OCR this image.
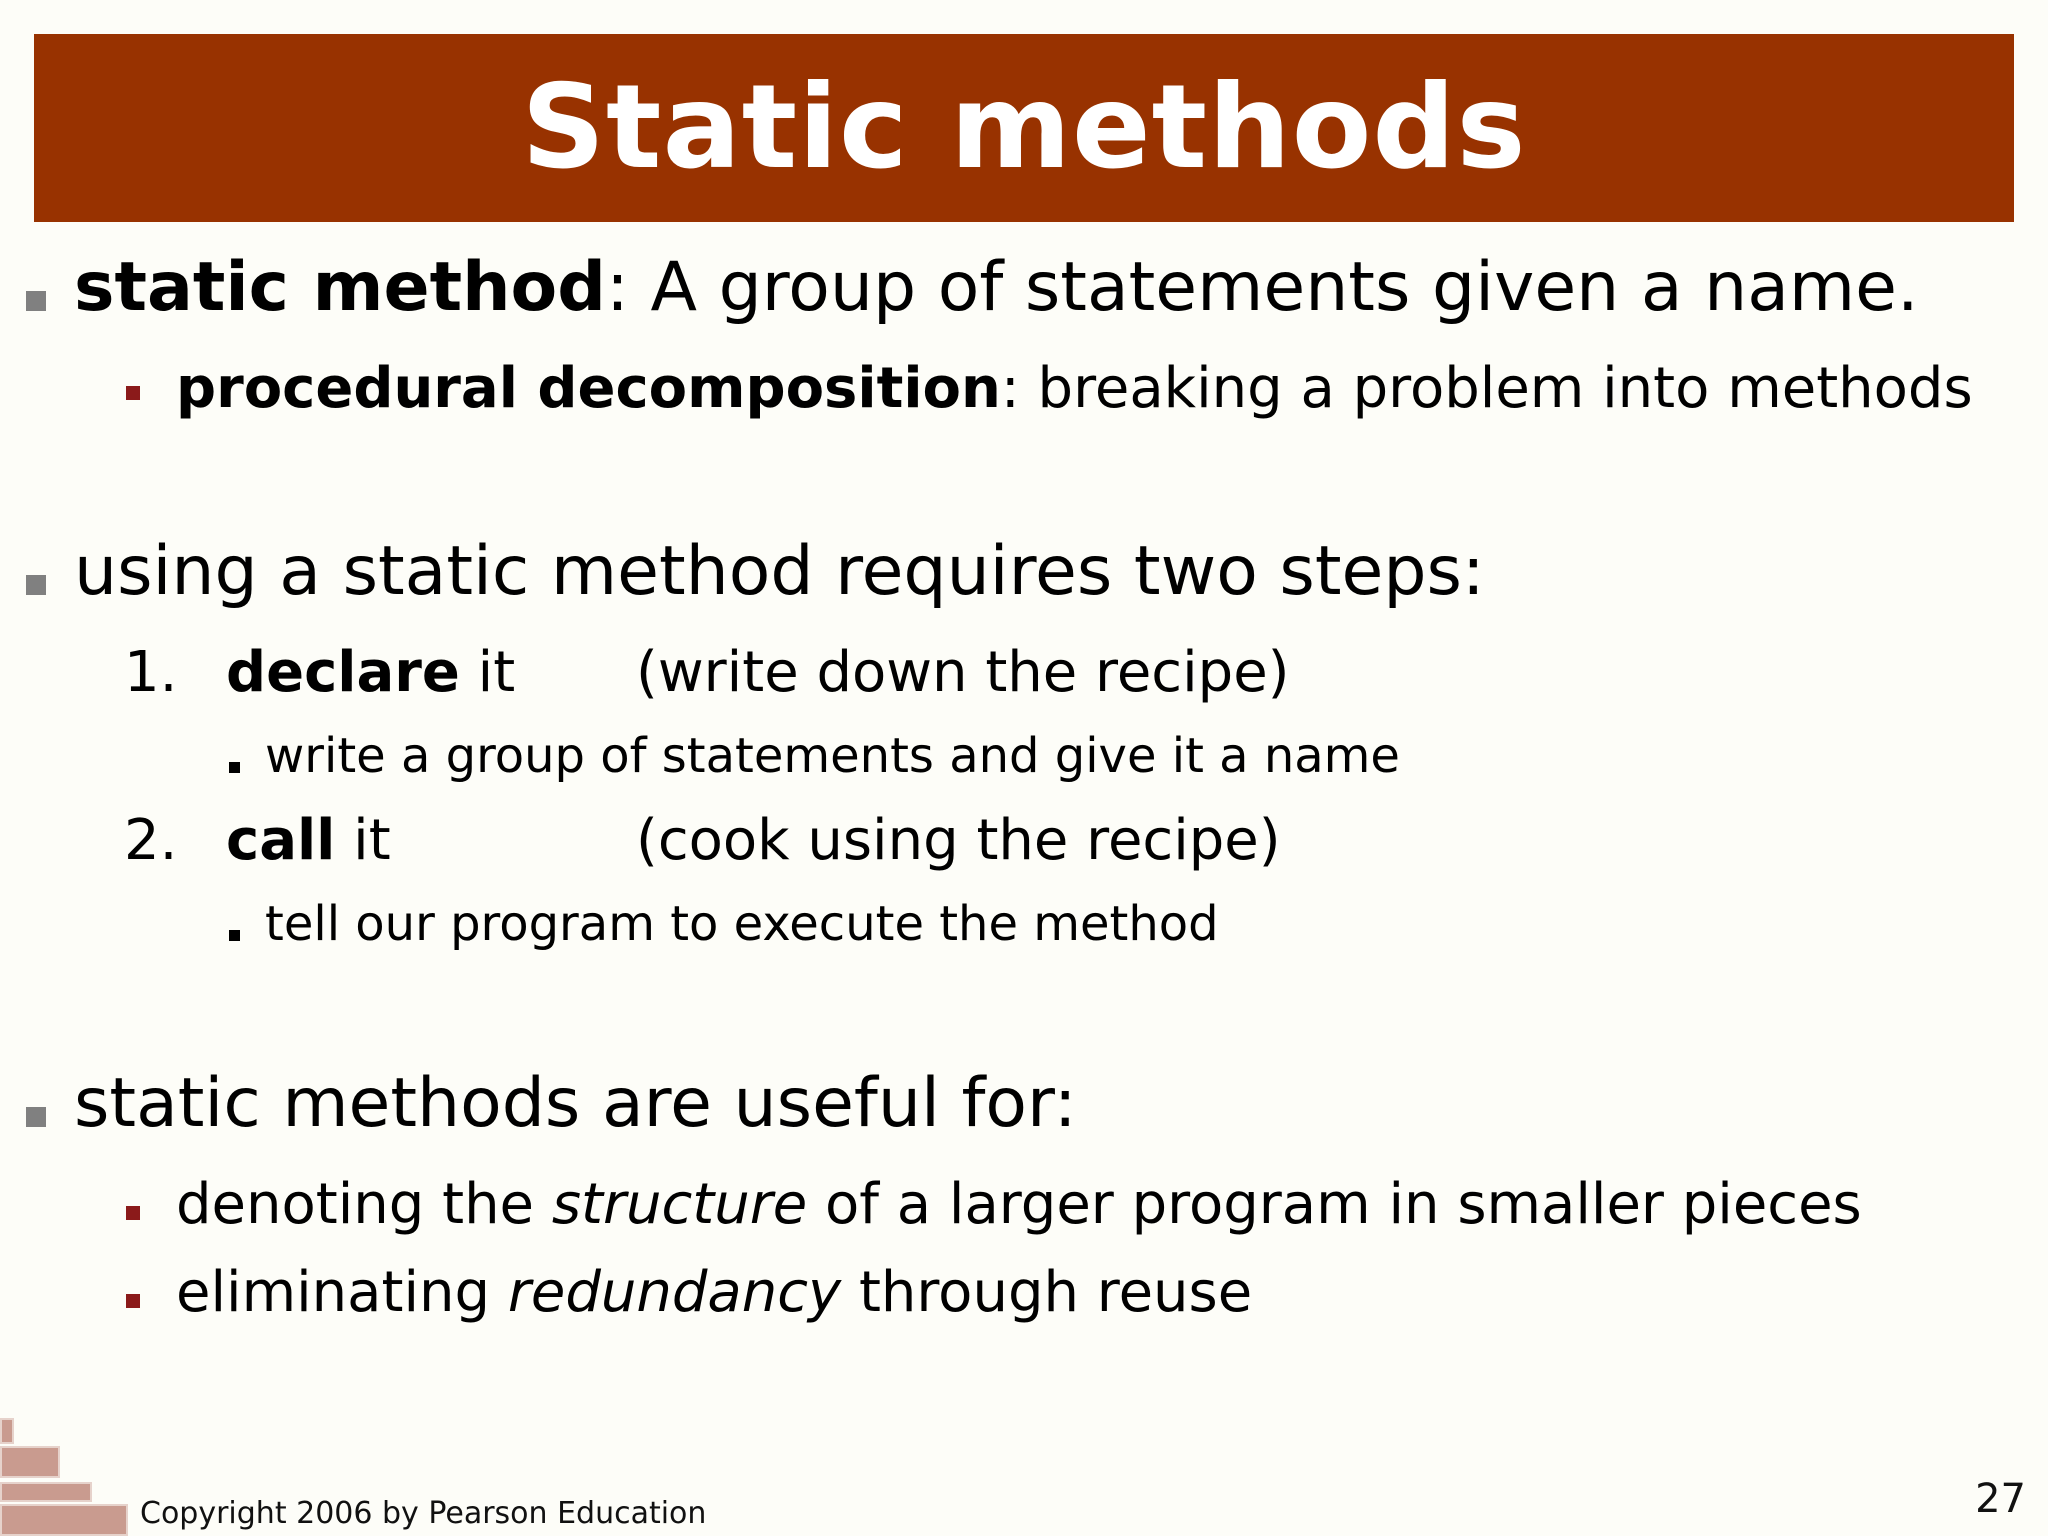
Static methods
static method: A group of statements given a name.
procedural decomposition: breaking a problem into methods
using a static method requires two steps:
1. declare it (write down the recipe)
write a group of statements and give it a name
2. call it	(cook using the recipe)
tell our program to execute the method
static methods are useful for:
denoting the structure of a larger program in smaller pieces
eliminating redundancy through reuse
Copyright 2006 by Pearson Education	27
